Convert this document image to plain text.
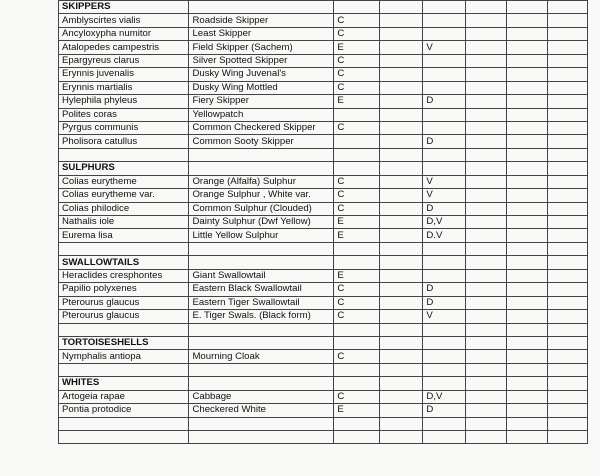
SKIPPERS							
Amblyscirtes vialis	Roadside Skipper	C					
Ancyloxypha numitor	Least Skipper	C					
Atalopedes campestris	Field Skipper (Sachem)	E		V			
Epargyreus clarus	Silver Spotted Skipper	C					
Erynnis juvenalis	Dusky Wing Juvenal's	C					
Erynnis martialis	Dusky Wing Mottled	C					
Hylephila phyleus	Fiery Skipper	E		D			
Polites coras	Yellowpatch						
Pyrgus communis	Common Checkered Skipper	C					
Pholisora catullus	Common Sooty Skipper			D			

SULPHURS							
Colias eurytheme	Orange (Alfalfa) Sulphur	C		V			
Colias eurytheme var.	Orange Sulphur , White var.	C		V			
Colias philodice	Common Sulphur (Clouded)	C		D			
Nathalis iole	Dainty Sulphur (Dwf Yellow)	E		D,V			
Eurema lisa	Little Yellow Sulphur	E		D.V			

SWALLOWTAILS							
Heraclides cresphontes	Giant Swallowtail	E					
Papilio polyxenes	Eastern Black Swallowtail	C		D			
Pterourus glaucus	Eastern Tiger Swallowtail	C		D			
Pterourus glaucus	E. Tiger Swals. (Black form)	C		V			

TORTOISESHELLS							
Nymphalis antiopa	Mourning Cloak	C					

WHITES							
Artogeia rapae	Cabbage	C		D,V			
Pontia protodice	Checkered White	E		D			
